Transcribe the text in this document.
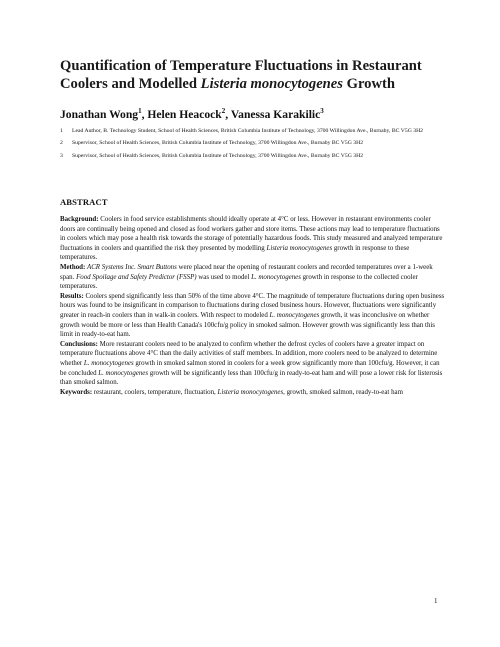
Quantification of Temperature Fluctuations in Restaurant
Coolers and Modelled Listeria monocytogenes Growth
Jonathan Wong$^1$, Helen Heacock$^2$, Vanessa Karakilic$^3$
1 Lead Author, B. Technology Student, School of Health Sciences, British Columbia Institute of Technology, 3700 Willingdon Ave., Burnaby, BC V5G 3H2
2 Supervisor, School of Health Sciences, British Columbia Institute of Technology, 3700 Willingdon Ave., Burnaby BC V5G 3H2
3 Supervisor, School of Health Sciences, British Columbia Institute of Technology, 3700 Willingdon Ave., Burnaby BC V5G 3H2
ABSTRACT

Background: Coolers in food service establishments should ideally operate at 4°C or less. However in restaurant environments cooler doors are continually being opened and closed as food workers gather and store items. These actions may lead to temperature fluctuations in coolers which may pose a health risk towards the storage of potentially hazardous foods. This study measured and analyzed temperature fluctuations in coolers and quantified the risk they presented by modelling Listeria monocytogenes growth in response to these temperatures.

Method: ACR Systems Inc. Smart Buttons were placed near the opening of restaurant coolers and recorded temperatures over a 1-week span. Food Spoilage and Safety Predictor (FSSP) was used to model L. monocytogenes growth in response to the collected cooler temperatures.

Results: Coolers spend significantly less than 50% of the time above 4°C. The magnitude of temperature fluctuations during open business hours was found to be insignificant in comparison to fluctuations during closed business hours. However, fluctuations were significantly greater in reach-in coolers than in walk-in coolers. With respect to modeled L. monocytogenes growth, it was inconclusive on whether growth would be more or less than Health Canada's 100cfu/g policy in smoked salmon. However growth was significantly less than this limit in ready-to-eat ham.

Conclusions: More restaurant coolers need to be analyzed to confirm whether the defrost cycles of coolers have a greater impact on temperature fluctuations above 4°C than the daily activities of staff members. In addition, more coolers need to be analyzed to determine whether L. monocytogenes growth in smoked salmon stored in coolers for a week grow significantly more than 100cfu/g. However, it can be concluded L. monocytogenes growth will be significantly less than 100cfu/g in ready-to-eat ham and will pose a lower risk for listerosis than smoked salmon.

Keywords: restaurant, coolers, temperature, fluctuation, Listeria monocytogenes, growth, smoked salmon, ready-to-eat ham

1
